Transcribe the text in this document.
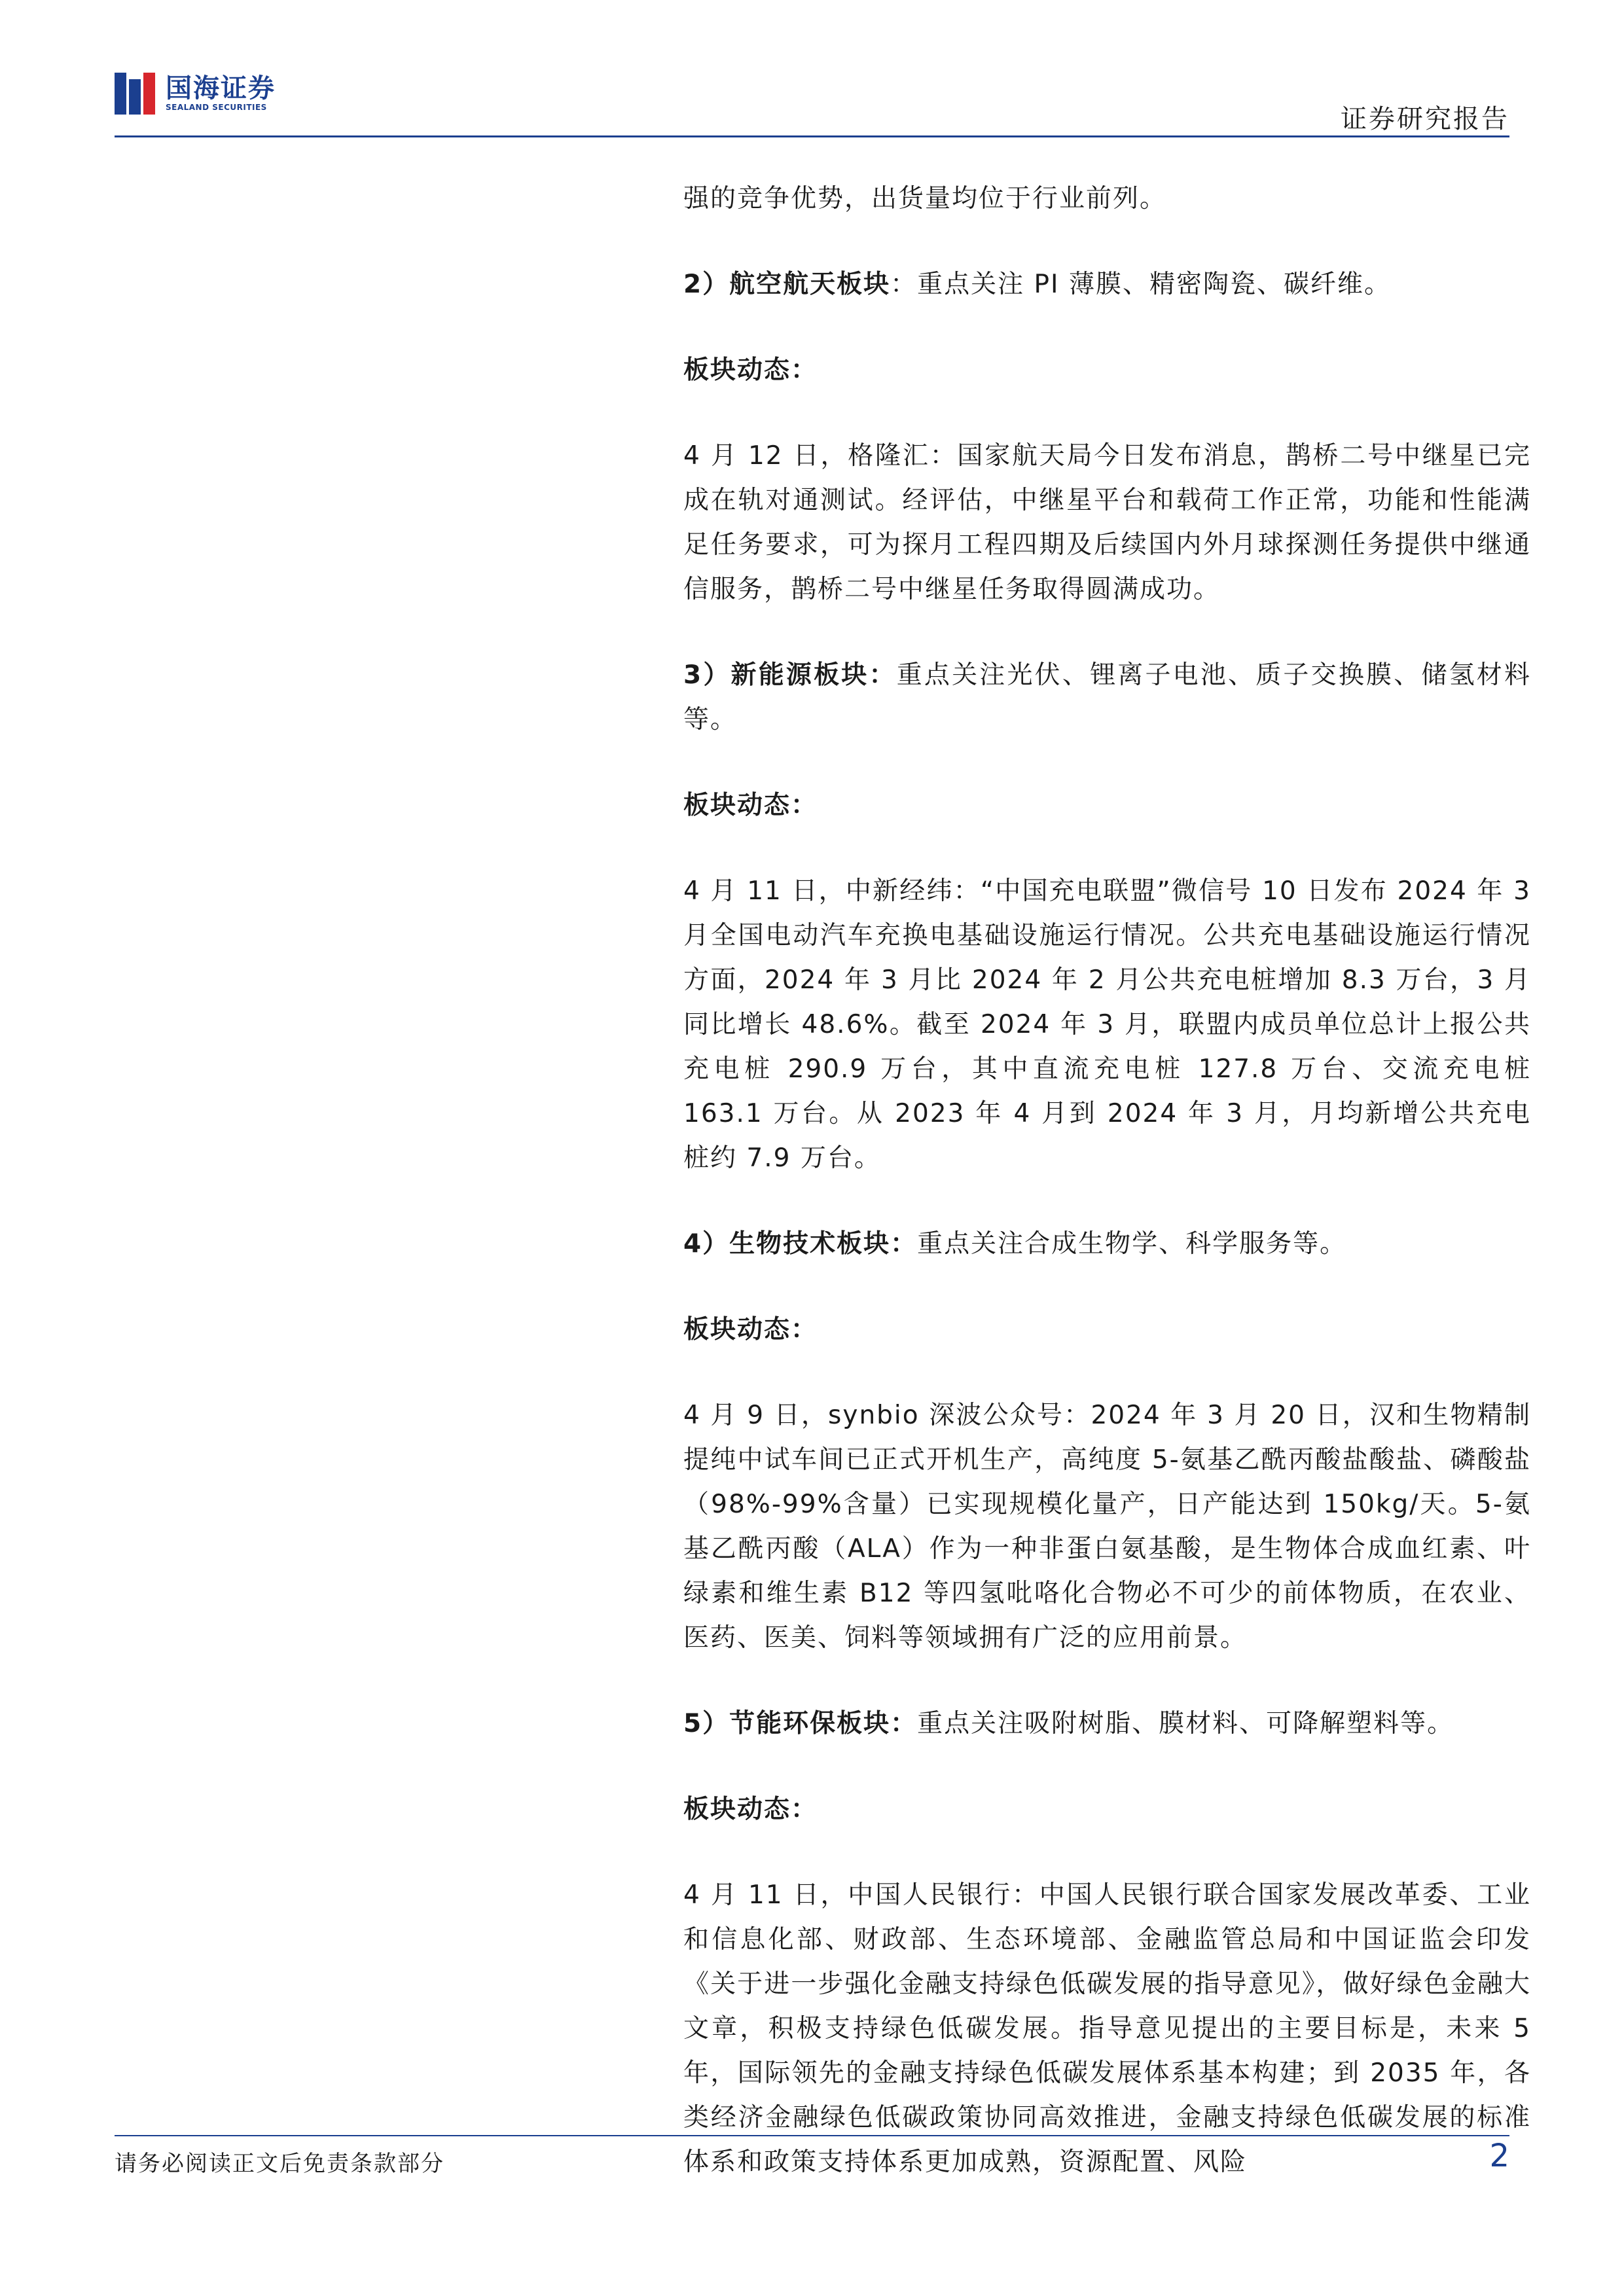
国海证券
SEALAND SECURITIES	证券研究报告

强的竞争优势，出货量均位于行业前列。

2）航空航天板块：重点关注 PI 薄膜、精密陶瓷、碳纤维。

板块动态：

4 月 12 日，格隆汇：国家航天局今日发布消息，鹊桥二号中继星已完成在轨对通测试。经评估，中继星平台和载荷工作正常，功能和性能满足任务要求，可为探月工程四期及后续国内外月球探测任务提供中继通信服务，鹊桥二号中继星任务取得圆满成功。

3）新能源板块：重点关注光伏、锂离子电池、质子交换膜、储氢材料等。

板块动态：

4 月 11 日，中新经纬：“中国充电联盟”微信号 10 日发布 2024 年 3 月全国电动汽车充换电基础设施运行情况。公共充电基础设施运行情况方面，2024 年 3 月比 2024 年 2 月公共充电桩增加 8.3 万台，3 月同比增长 48.6%。截至 2024 年 3 月，联盟内成员单位总计上报公共充电桩 290.9 万台，其中直流充电桩 127.8 万台、交流充电桩 163.1 万台。从 2023 年 4 月到 2024 年 3 月，月均新增公共充电桩约 7.9 万台。

4）生物技术板块：重点关注合成生物学、科学服务等。

板块动态：

4 月 9 日，synbio 深波公众号：2024 年 3 月 20 日，汉和生物精制提纯中试车间已正式开机生产，高纯度 5-氨基乙酰丙酸盐酸盐、磷酸盐（98%-99%含量）已实现规模化量产，日产能达到 150kg/天。5-氨基乙酰丙酸（ALA）作为一种非蛋白氨基酸，是生物体合成血红素、叶绿素和维生素 B12 等四氢吡咯化合物必不可少的前体物质，在农业、医药、医美、饲料等领域拥有广泛的应用前景。

5）节能环保板块：重点关注吸附树脂、膜材料、可降解塑料等。

板块动态：

4 月 11 日，中国人民银行：中国人民银行联合国家发展改革委、工业和信息化部、财政部、生态环境部、金融监管总局和中国证监会印发《关于进一步强化金融支持绿色低碳发展的指导意见》，做好绿色金融大文章，积极支持绿色低碳发展。指导意见提出的主要目标是，未来 5 年，国际领先的金融支持绿色低碳发展体系基本构建；到 2035 年，各类经济金融绿色低碳政策协同高效推进，金融支持绿色低碳发展的标准体系和政策支持体系更加成熟，资源配置、风险

请务必阅读正文后免责条款部分	2
